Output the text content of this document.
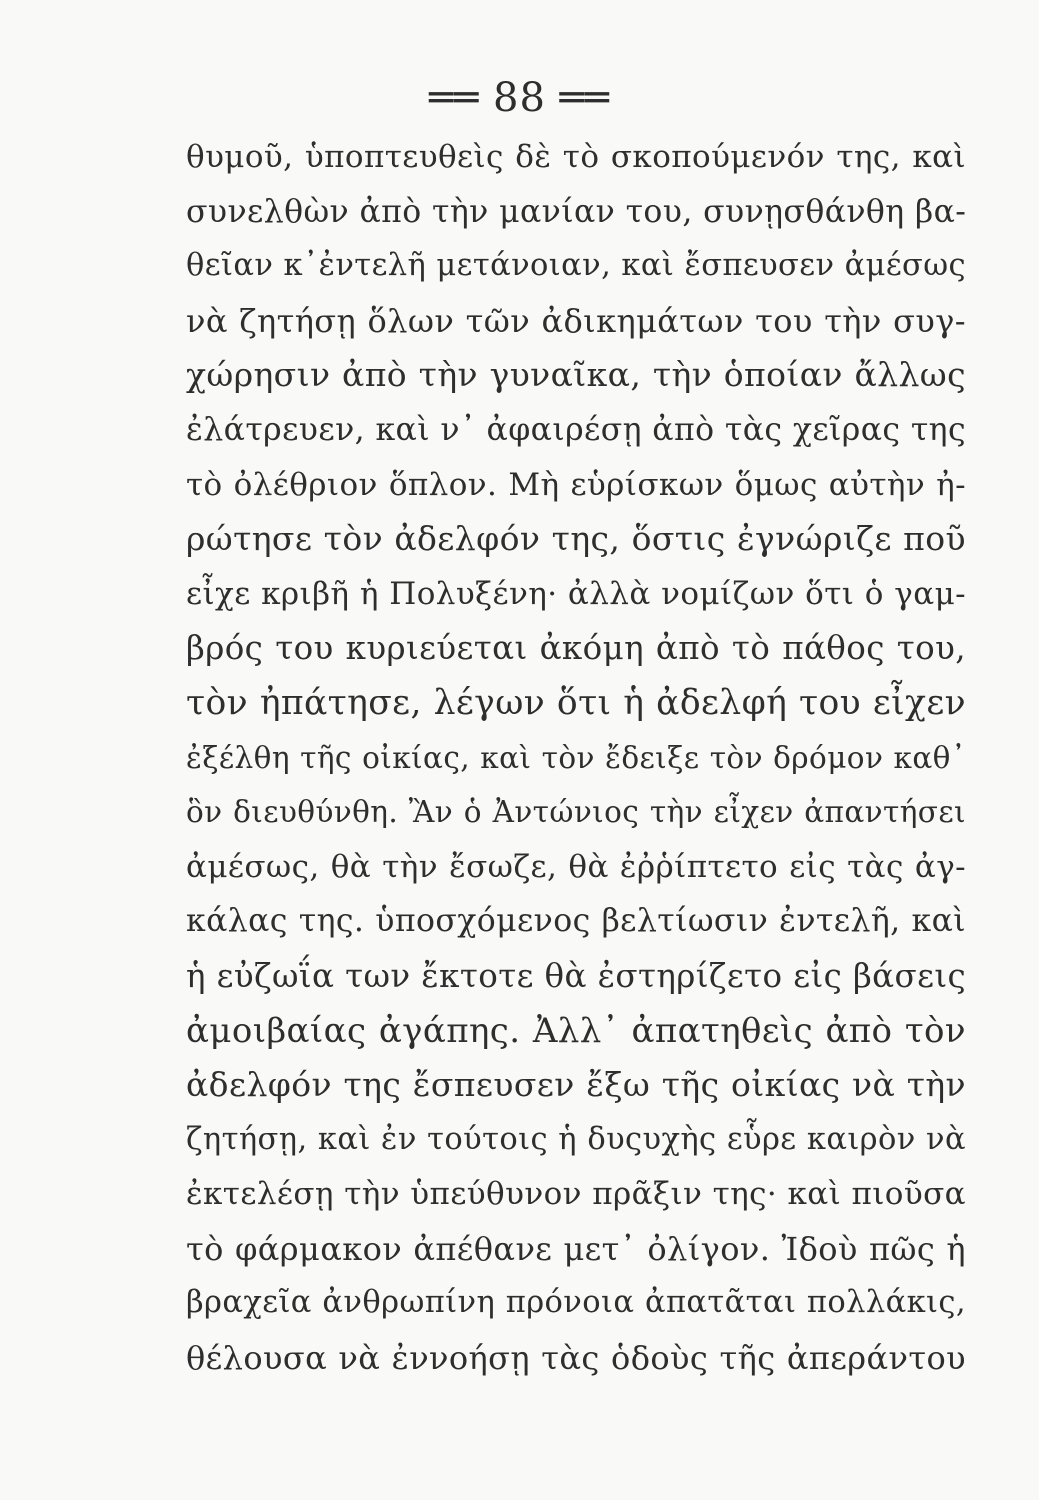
══ 88 ══
θυμοῦ, ὑποπτευθεὶς δὲ τὸ σκοπούμενόν της, καὶ
συνελθὼν ἀπὸ τὴν μανίαν του, συνῃσθάνθη βα-
θεῖαν κ᾽ἐντελῆ μετάνοιαν, καὶ ἔσπευσεν ἀμέσως
νὰ ζητήσῃ ὅλων τῶν ἀδικημάτων του τὴν συγ-
χώρησιν ἀπὸ τὴν γυναῖκα, τὴν ὁποίαν ἄλλως
ἐλάτρευεν, καὶ ν᾽ ἀφαιρέσῃ ἀπὸ τὰς χεῖρας της
τὸ ὀλέθριον ὅπλον. Μὴ εὑρίσκων ὅμως αὐτὴν ἠ-
ρώτησε τὸν ἀδελφόν της, ὅστις ἐγνώριζε ποῦ
εἶχε κριβῆ ἡ Πολυξένη· ἀλλὰ νομίζων ὅτι ὁ γαμ-
βρός του κυριεύεται ἀκόμη ἀπὸ τὸ πάθος του,
τὸν ἠπάτησε, λέγων ὅτι ἡ ἀδελφή του εἶχεν
ἐξέλθη τῆς οἰκίας, καὶ τὸν ἔδειξε τὸν δρόμον καθ᾽
ὃν διευθύνθη. Ἂν ὁ Ἀντώνιος τὴν εἶχεν ἀπαντήσει
ἀμέσως, θὰ τὴν ἔσωζε, θὰ ἐῤῥίπτετο εἰς τὰς ἀγ-
κάλας της. ὑποσχόμενος βελτίωσιν ἐντελῆ, καὶ
ἡ εὐζωΐα των ἔκτοτε θὰ ἐστηρίζετο εἰς βάσεις
ἀμοιβαίας ἀγάπης. Ἀλλ᾽ ἀπατηθεὶς ἀπὸ τὸν
ἀδελφόν της ἔσπευσεν ἔξω τῆς οἰκίας νὰ τὴν
ζητήσῃ, καὶ ἐν τούτοις ἡ δυςυχὴς εὗρε καιρὸν νὰ
ἐκτελέσῃ τὴν ὑπεύθυνον πρᾶξιν της· καὶ πιοῦσα
τὸ φάρμακον ἀπέθανε μετ᾽ ὀλίγον. Ἰδοὺ πῶς ἡ
βραχεῖα ἀνθρωπίνη πρόνοια ἀπατᾶται πολλάκις,
θέλουσα νὰ ἐννοήσῃ τὰς ὁδοὺς τῆς ἀπεράντου
